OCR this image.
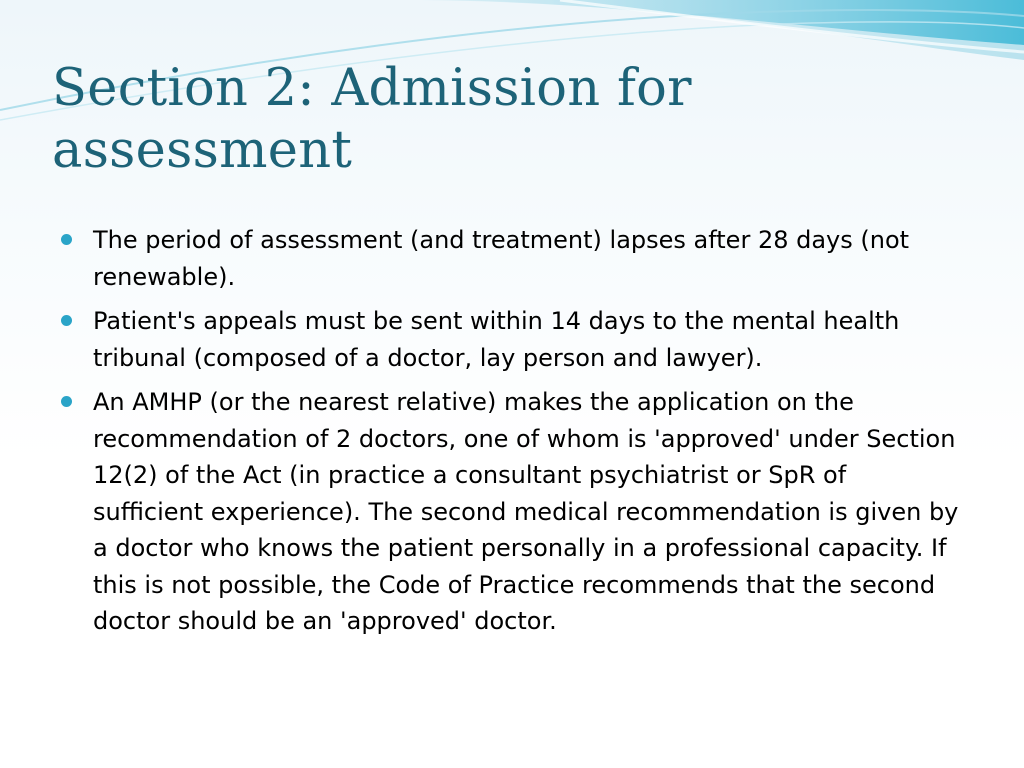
Section 2: Admission for assessment
The period of assessment (and treatment) lapses after 28 days (not renewable).
Patient's appeals must be sent within 14 days to the mental health tribunal (composed of a doctor, lay person and lawyer).
An AMHP (or the nearest relative) makes the application on the recommendation of 2 doctors, one of whom is 'approved' under Section 12(2) of the Act (in practice a consultant psychiatrist or SpR of sufficient experience). The second medical recommendation is given by a doctor who knows the patient personally in a professional capacity. If this is not possible, the Code of Practice recommends that the second doctor should be an 'approved' doctor.
